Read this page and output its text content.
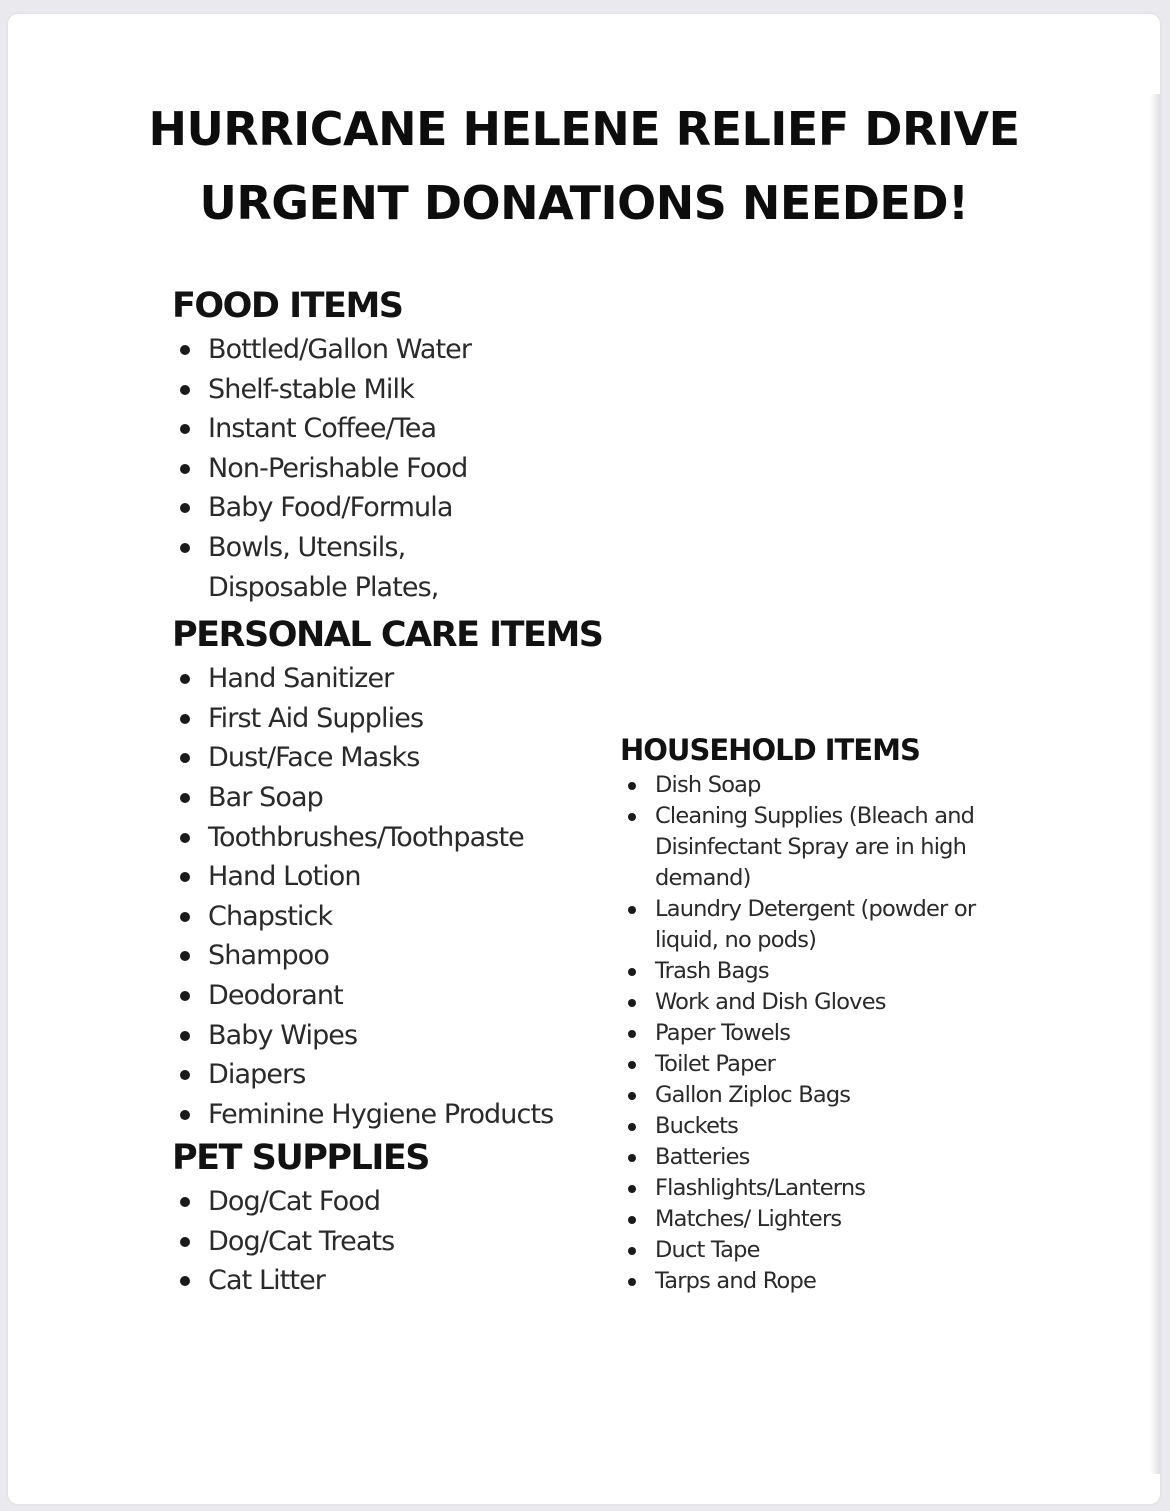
HURRICANE HELENE RELIEF DRIVE

URGENT DONATIONS NEEDED!

FOOD ITEMS
Bottled/Gallon Water
Shelf-stable Milk
Instant Coffee/Tea
Non-Perishable Food
Baby Food/Formula
Bowls, Utensils, Disposable Plates,
PERSONAL CARE ITEMS
Hand Sanitizer
First Aid Supplies
Dust/Face Masks
Bar Soap
Toothbrushes/Toothpaste
Hand Lotion
Chapstick
Shampoo
Deodorant
Baby Wipes
Diapers
Feminine Hygiene Products
PET SUPPLIES
Dog/Cat Food
Dog/Cat Treats
Cat Litter
HOUSEHOLD ITEMS
Dish Soap
Cleaning Supplies (Bleach and Disinfectant Spray are in high demand)
Laundry Detergent (powder or liquid, no pods)
Trash Bags
Work and Dish Gloves
Paper Towels
Toilet Paper
Gallon Ziploc Bags
Buckets
Batteries
Flashlights/Lanterns
Matches/ Lighters
Duct Tape
Tarps and Rope
